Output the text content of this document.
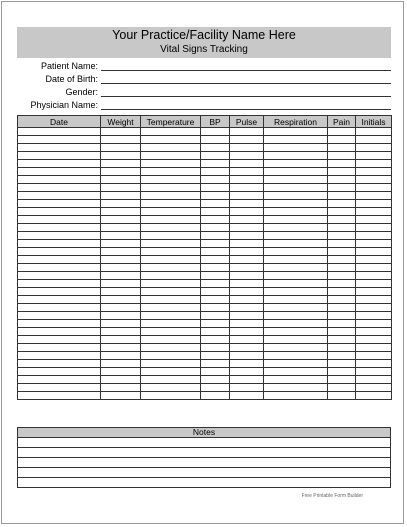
Your Practice/Facility Name Here
Vital Signs Tracking
Patient Name:
Date of Birth:
Gender:
Physician Name:
Date	Weight	Temperature	BP	Pulse	Respiration	Pain	Initials

Notes
Free Printable Form Builder
